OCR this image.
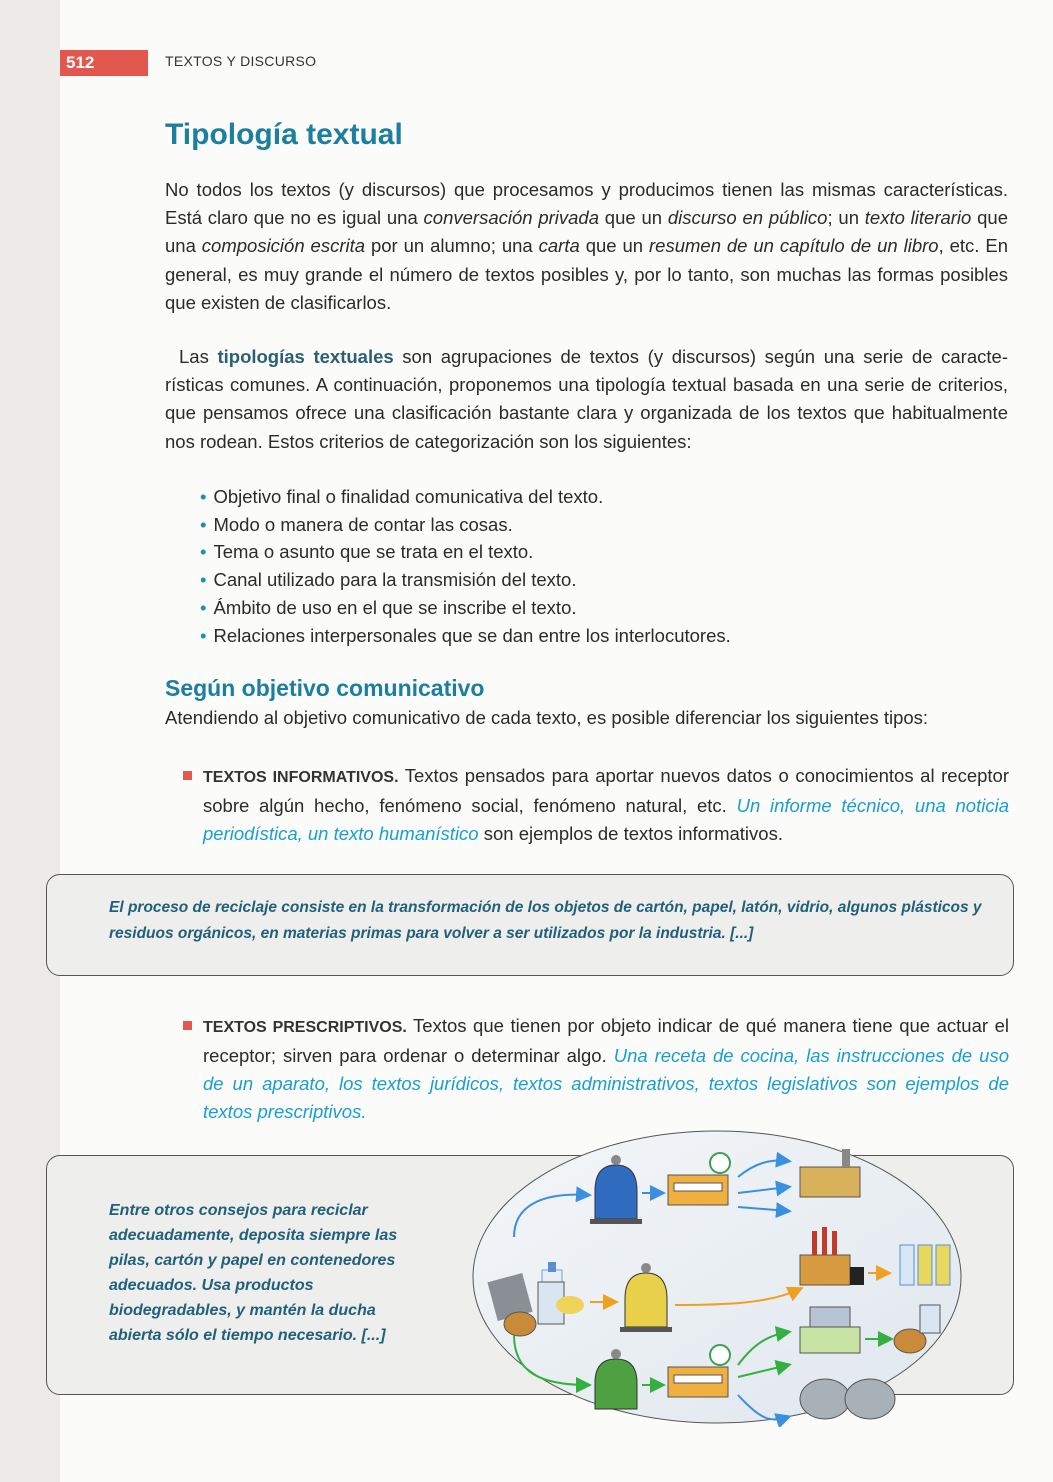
512	TEXTOS Y DISCURSO
Tipología textual

No todos los textos (y discursos) que procesamos y producimos tienen las mismas características. Está claro que no es igual una conversación privada que un discurso en público; un texto literario que una composición escrita por un alumno; una carta que un resumen de un capítulo de un libro, etc. En general, es muy grande el número de textos posibles y, por lo tanto, son muchas las formas posibles que existen de clasificarlos.

Las tipologías textuales son agrupaciones de textos (y discursos) según una serie de características comunes. A continuación, proponemos una tipología textual basada en una serie de criterios, que pensamos ofrece una clasificación bastante clara y organizada de los textos que habitualmente nos rodean. Estos criterios de categorización son los siguientes:

• Objetivo final o finalidad comunicativa del texto.
• Modo o manera de contar las cosas.
• Tema o asunto que se trata en el texto.
• Canal utilizado para la transmisión del texto.
• Ámbito de uso en el que se inscribe el texto.
• Relaciones interpersonales que se dan entre los interlocutores.
Según objetivo comunicativo

Atendiendo al objetivo comunicativo de cada texto, es posible diferenciar los siguientes tipos:

TEXTOS INFORMATIVOS. Textos pensados para aportar nuevos datos o conocimientos al receptor sobre algún hecho, fenómeno social, fenómeno natural, etc. Un informe técnico, una noticia periodística, un texto humanístico son ejemplos de textos informativos.

El proceso de reciclaje consiste en la transformación de los objetos de cartón, papel, latón, vidrio, algunos plásticos y residuos orgánicos, en materias primas para volver a ser utilizados por la industria. [...]

TEXTOS PRESCRIPTIVOS. Textos que tienen por objeto indicar de qué manera tiene que actuar el receptor; sirven para ordenar o determinar algo. Una receta de cocina, las instrucciones de uso de un aparato, los textos jurídicos, textos administrativos, textos legislativos son ejemplos de textos prescriptivos.

Entre otros consejos para reciclar adecuadamente, deposita siempre las pilas, cartón y papel en contenedores adecuados. Usa productos biodegradables, y mantén la ducha abierta sólo el tiempo necesario. [...]
